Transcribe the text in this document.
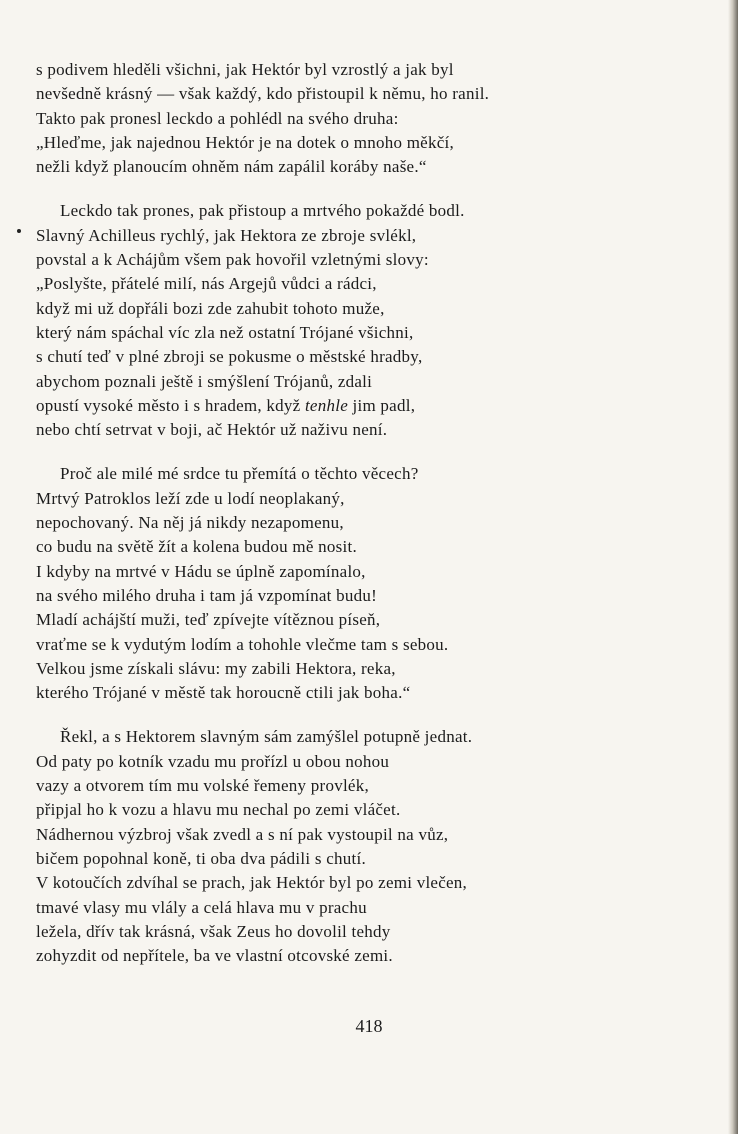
s podivem hleděli všichni, jak Hektór byl vzrostlý a jak byl
nevšedně krásný — však každý, kdo přistoupil k němu, ho ranil.
Takto pak pronesl leckdo a pohlédl na svého druha:
„Hleďme, jak najednou Hektór je na dotek o mnoho měkčí,
nežli když planoucím ohněm nám zapálil koráby naše.“
Leckdo tak prones, pak přistoup a mrtvého pokaždé bodl.
Slavný Achilleus rychlý, jak Hektora ze zbroje svlékl,
povstal a k Achájům všem pak hovořil vzletnými slovy:
„Poslyšte, přátelé milí, nás Argejů vůdci a rádci,
když mi už dopřáli bozi zde zahubit tohoto muže,
který nám spáchal víc zla než ostatní Trójané všichni,
s chutí teď v plné zbroji se pokusme o městské hradby,
abychom poznali ještě i smýšlení Trójanů, zdali
opustí vysoké město i s hradem, když tenhle jim padl,
nebo chtí setrvat v boji, ač Hektór už naživu není.
Proč ale milé mé srdce tu přemítá o těchto věcech?
Mrtvý Patroklos leží zde u lodí neoplakaný,
nepochovaný. Na něj já nikdy nezapomenu,
co budu na světě žít a kolena budou mě nosit.
I kdyby na mrtvé v Hádu se úplně zapomínalo,
na svého milého druha i tam já vzpomínat budu!
Mladí achájští muži, teď zpívejte vítěznou píseň,
vraťme se k vydutým lodím a tohohle vlečme tam s sebou.
Velkou jsme získali slávu: my zabili Hektora, reka,
kterého Trójané v městě tak horoucně ctili jak boha.“
Řekl, a s Hektorem slavným sám zamýšlel potupně jednat.
Od paty po kotník vzadu mu prořízl u obou nohou
vazy a otvorem tím mu volské řemeny provlék,
připjal ho k vozu a hlavu mu nechal po zemi vláčet.
Nádhernou výzbroj však zvedl a s ní pak vystoupil na vůz,
bičem popohnal koně, ti oba dva pádili s chutí.
V kotoučích zdvíhal se prach, jak Hektór byl po zemi vlečen,
tmavé vlasy mu vlály a celá hlava mu v prachu
ležela, dřív tak krásná, však Zeus ho dovolil tehdy
zohyzdit od nepřítele, ba ve vlastní otcovské zemi.
418
